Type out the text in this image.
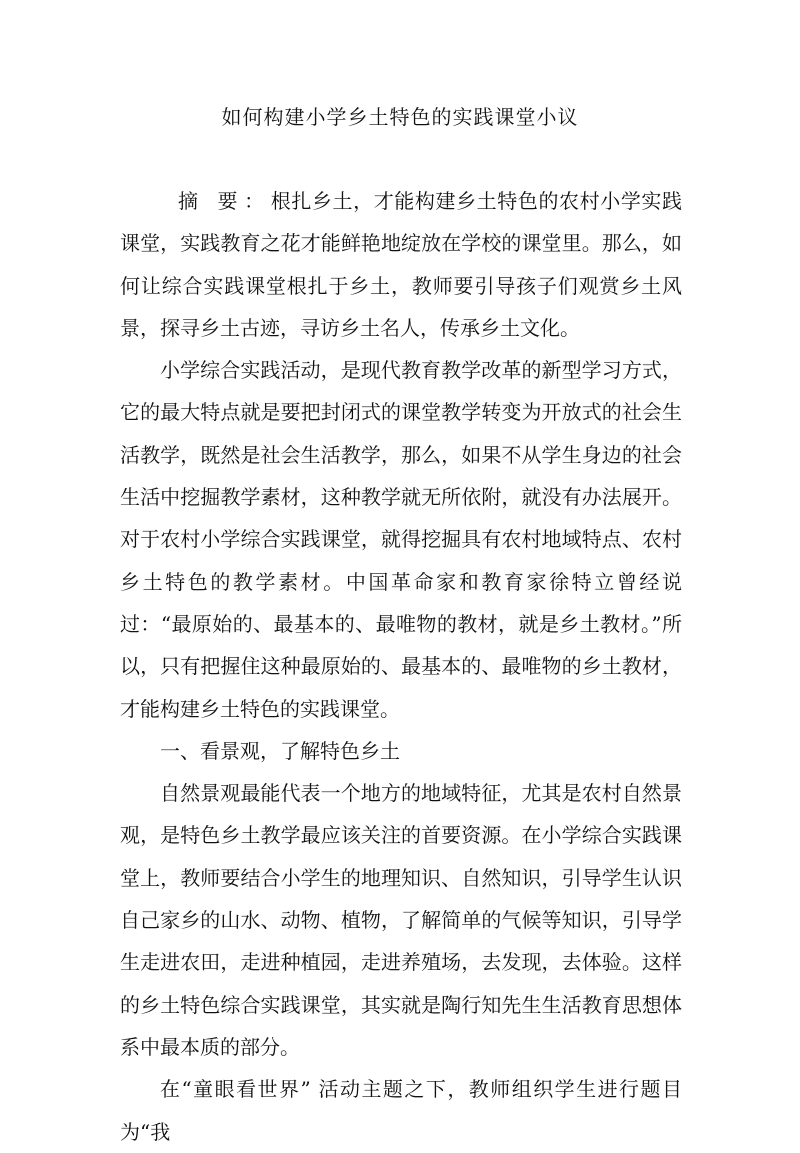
如何构建小学乡土特色的实践课堂小议

摘 要：根扎乡土，才能构建乡土特色的农村小学实践课堂，实践教育之花才能鲜艳地绽放在学校的课堂里。那么，如何让综合实践课堂根扎于乡土，教师要引导孩子们观赏乡土风景，探寻乡土古迹，寻访乡土名人，传承乡土文化。

小学综合实践活动，是现代教育教学改革的新型学习方式，它的最大特点就是要把封闭式的课堂教学转变为开放式的社会生活教学，既然是社会生活教学，那么，如果不从学生身边的社会生活中挖掘教学素材，这种教学就无所依附，就没有办法展开。对于农村小学综合实践课堂，就得挖掘具有农村地域特点、农村乡土特色的教学素材。中国革命家和教育家徐特立曾经说过：“最原始的、最基本的、最唯物的教材，就是乡土教材。”所以，只有把握住这种最原始的、最基本的、最唯物的乡土教材，才能构建乡土特色的实践课堂。

一、看景观，了解特色乡土

自然景观最能代表一个地方的地域特征，尤其是农村自然景观，是特色乡土教学最应该关注的首要资源。在小学综合实践课堂上，教师要结合小学生的地理知识、自然知识，引导学生认识自己家乡的山水、动物、植物，了解简单的气候等知识，引导学生走进农田，走进种植园，走进养殖场，去发现，去体验。这样的乡土特色综合实践课堂，其实就是陶行知先生生活教育思想体系中最本质的部分。

在“童眼看世界” 活动主题之下，教师组织学生进行题目为“我
